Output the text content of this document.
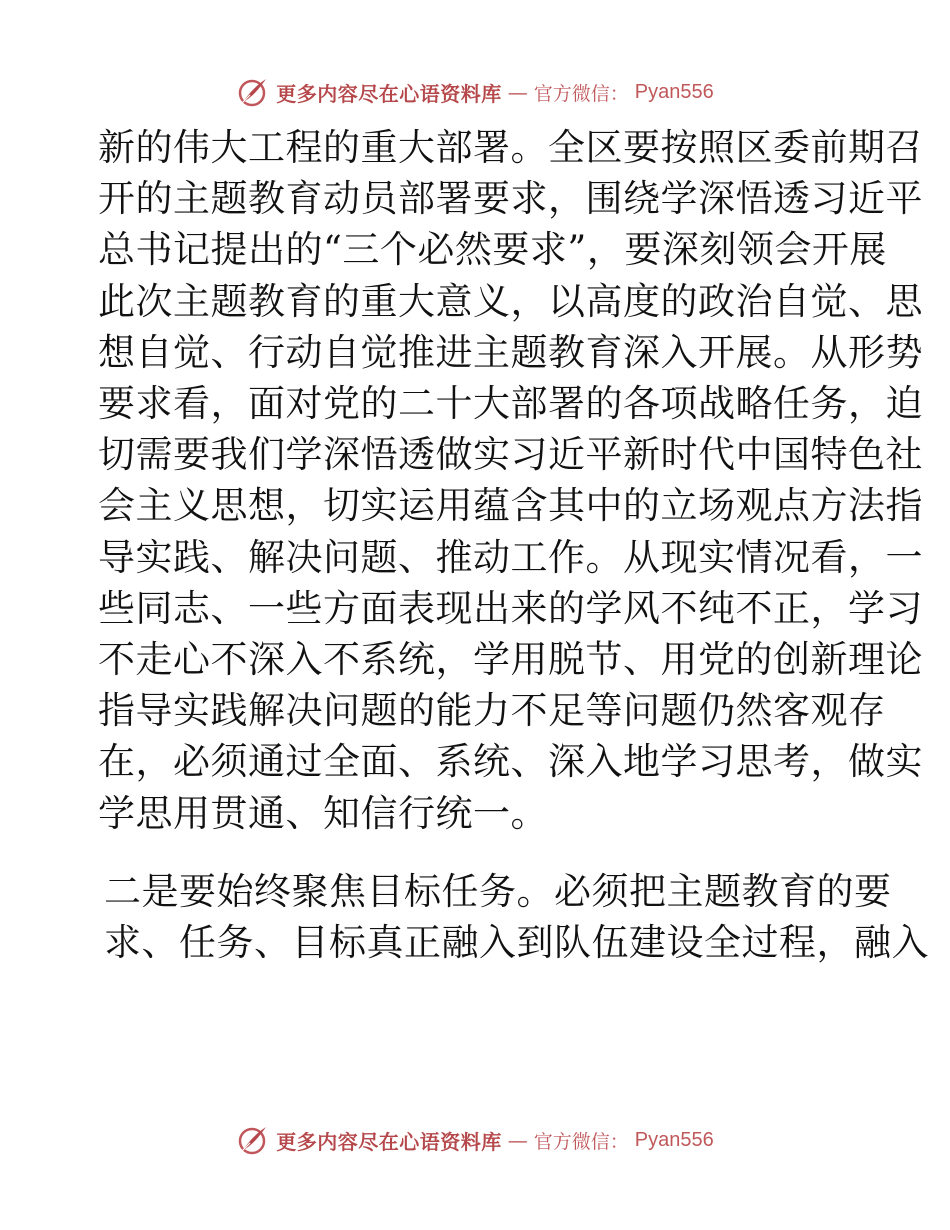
更多内容尽在心语资料库 — 官方微信： Pyan556

新的伟大工程的重大部署。全区要按照区委前期召
开的主题教育动员部署要求，围绕学深悟透习近平
总书记提出的“三个必然要求”，要深刻领会开展
此次主题教育的重大意义，以高度的政治自觉、思
想自觉、行动自觉推进主题教育深入开展。从形势
要求看，面对党的二十大部署的各项战略任务，迫
切需要我们学深悟透做实习近平新时代中国特色社
会主义思想，切实运用蕴含其中的立场观点方法指
导实践、解决问题、推动工作。从现实情况看，一
些同志、一些方面表现出来的学风不纯不正，学习
不走心不深入不系统，学用脱节、用党的创新理论
指导实践解决问题的能力不足等问题仍然客观存
在，必须通过全面、系统、深入地学习思考，做实
学思用贯通、知信行统一。

二是要始终聚焦目标任务。必须把主题教育的要
求、任务、目标真正融入到队伍建设全过程，融入

更多内容尽在心语资料库 — 官方微信： Pyan556
